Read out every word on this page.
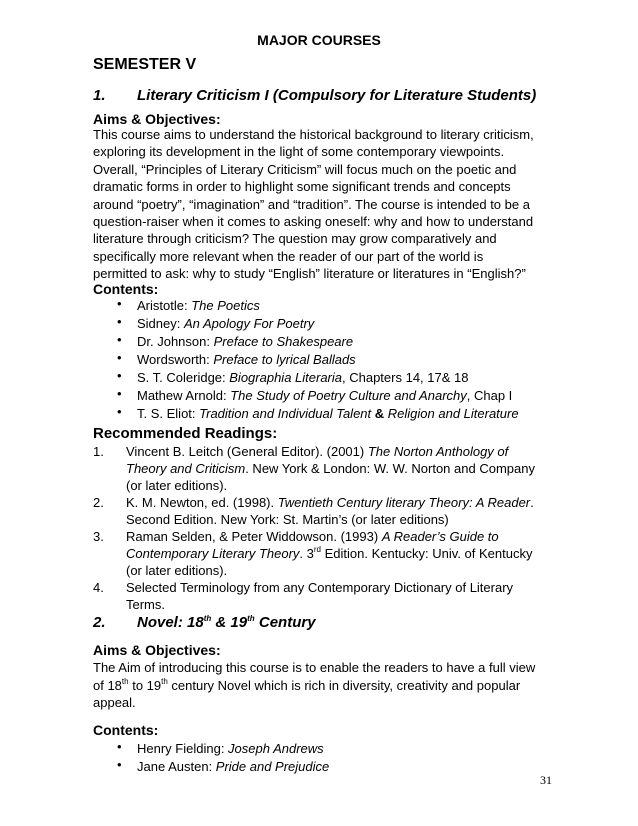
MAJOR COURSES
SEMESTER V
1. Literary Criticism I (Compulsory for Literature Students)
Aims & Objectives:
This course aims to understand the historical background to literary criticism,
exploring its development in the light of some contemporary viewpoints.
Overall, “Principles of Literary Criticism” will focus much on the poetic and
dramatic forms in order to highlight some significant trends and concepts
around “poetry”, “imagination” and “tradition”. The course is intended to be a
question-raiser when it comes to asking oneself: why and how to understand
literature through criticism? The question may grow comparatively and
specifically more relevant when the reader of our part of the world is
permitted to ask: why to study “English” literature or literatures in “English?”
Contents:
• Aristotle: The Poetics
• Sidney: An Apology For Poetry
• Dr. Johnson: Preface to Shakespeare
• Wordsworth: Preface to lyrical Ballads
• S. T. Coleridge: Biographia Literaria, Chapters 14, 17& 18
• Mathew Arnold: The Study of Poetry Culture and Anarchy, Chap I
• T. S. Eliot: Tradition and Individual Talent & Religion and Literature
Recommended Readings:
1. Vincent B. Leitch (General Editor). (2001) The Norton Anthology of
Theory and Criticism. New York & London: W. W. Norton and Company
(or later editions).
2. K. M. Newton, ed. (1998). Twentieth Century literary Theory: A Reader.
Second Edition. New York: St. Martin’s (or later editions)
3. Raman Selden, & Peter Widdowson. (1993) A Reader’s Guide to
Contemporary Literary Theory. 3rd Edition. Kentucky: Univ. of Kentucky
(or later editions).
4. Selected Terminology from any Contemporary Dictionary of Literary
Terms.
2. Novel: 18th & 19th Century
Aims & Objectives:
The Aim of introducing this course is to enable the readers to have a full view
of 18th to 19th century Novel which is rich in diversity, creativity and popular
appeal.
Contents:
• Henry Fielding: Joseph Andrews
• Jane Austen: Pride and Prejudice
31
